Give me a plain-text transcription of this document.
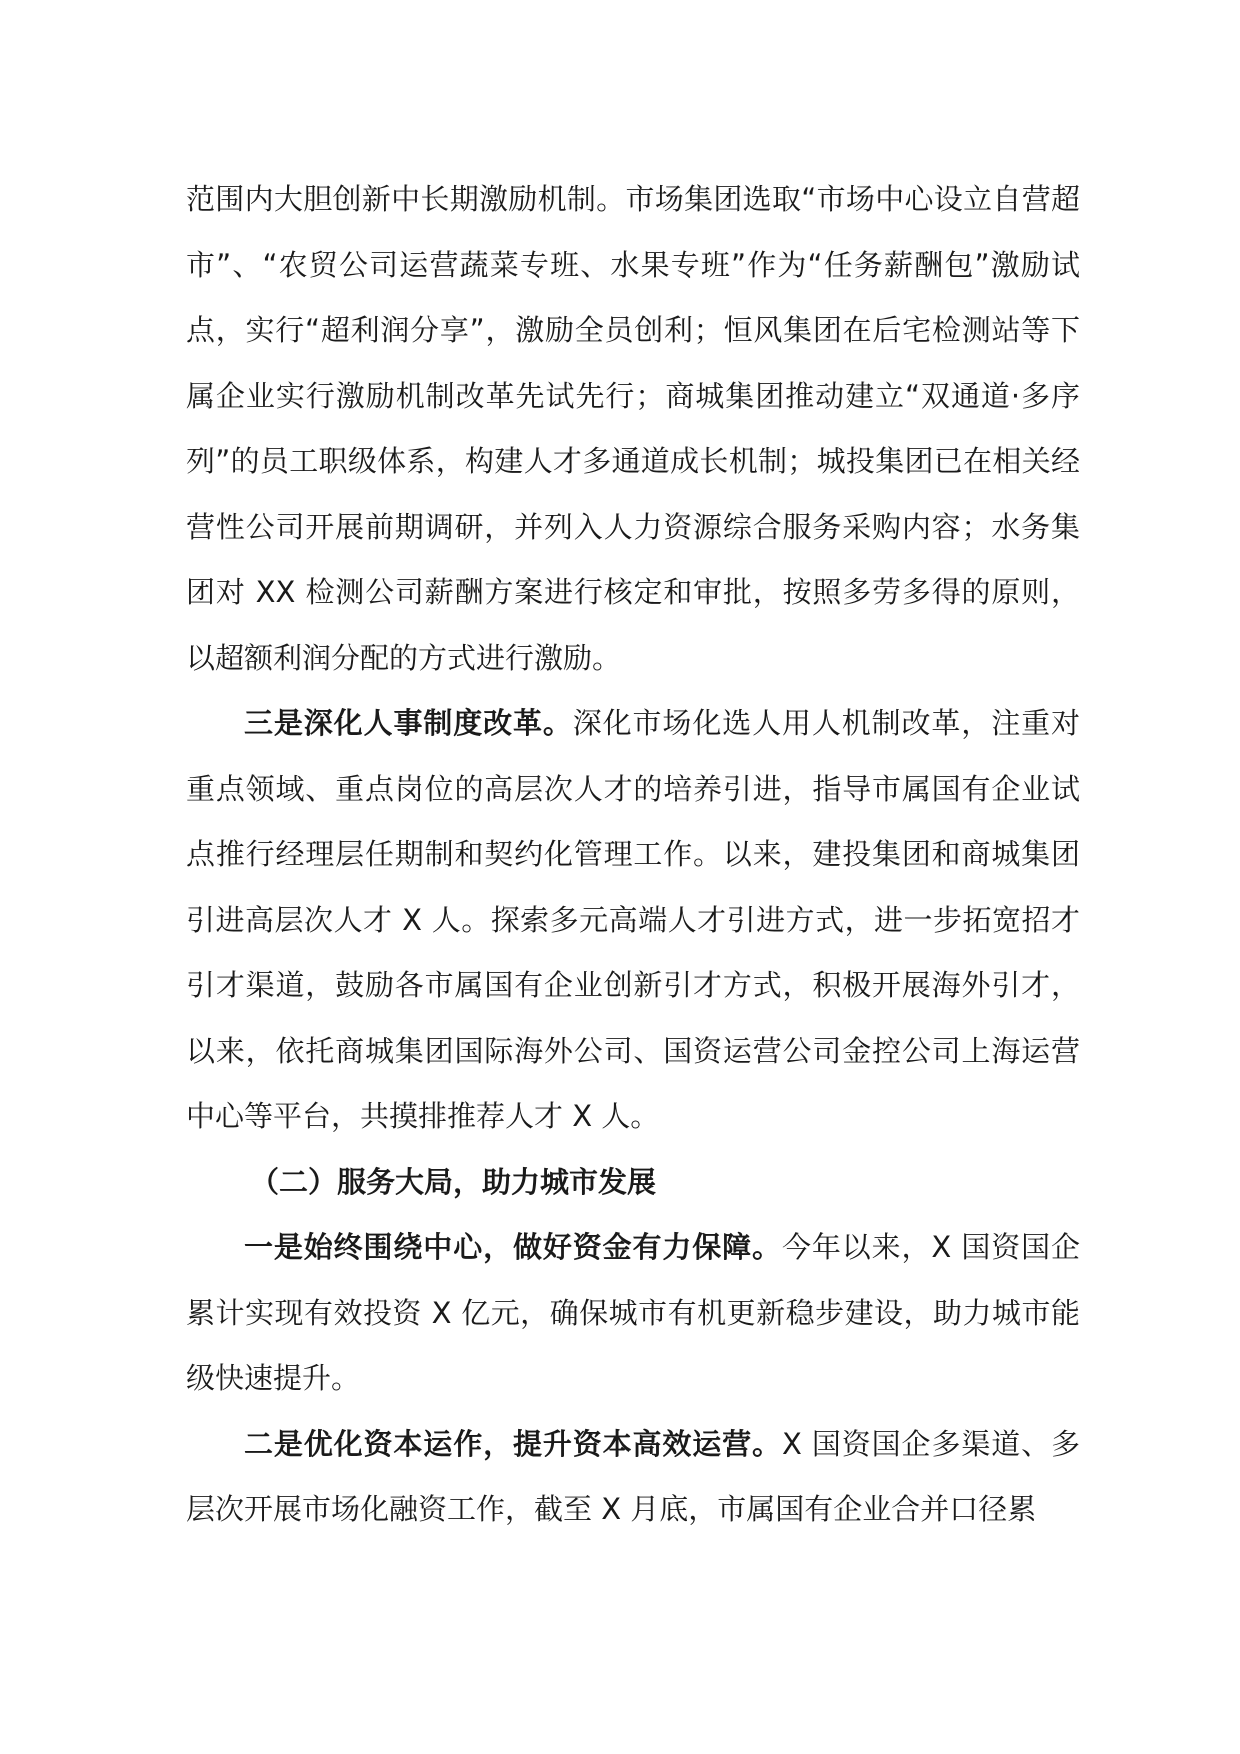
范围内大胆创新中长期激励机制。市场集团选取“市场中心设立自营超市”、“农贸公司运营蔬菜专班、水果专班”作为“任务薪酬包”激励试点，实行“超利润分享”，激励全员创利；恒风集团在后宅检测站等下属企业实行激励机制改革先试先行；商城集团推动建立“双通道·多序列”的员工职级体系，构建人才多通道成长机制；城投集团已在相关经营性公司开展前期调研，并列入人力资源综合服务采购内容；水务集团对 XX 检测公司薪酬方案进行核定和审批，按照多劳多得的原则，以超额利润分配的方式进行激励。

三是深化人事制度改革。深化市场化选人用人机制改革，注重对重点领域、重点岗位的高层次人才的培养引进，指导市属国有企业试点推行经理层任期制和契约化管理工作。以来，建投集团和商城集团引进高层次人才 X 人。探索多元高端人才引进方式，进一步拓宽招才引才渠道，鼓励各市属国有企业创新引才方式，积极开展海外引才，以来，依托商城集团国际海外公司、国资运营公司金控公司上海运营中心等平台，共摸排推荐人才 X 人。

（二）服务大局，助力城市发展

一是始终围绕中心，做好资金有力保障。今年以来，X 国资国企累计实现有效投资 X 亿元，确保城市有机更新稳步建设，助力城市能级快速提升。

二是优化资本运作，提升资本高效运营。X 国资国企多渠道、多层次开展市场化融资工作，截至 X 月底，市属国有企业合并口径累
